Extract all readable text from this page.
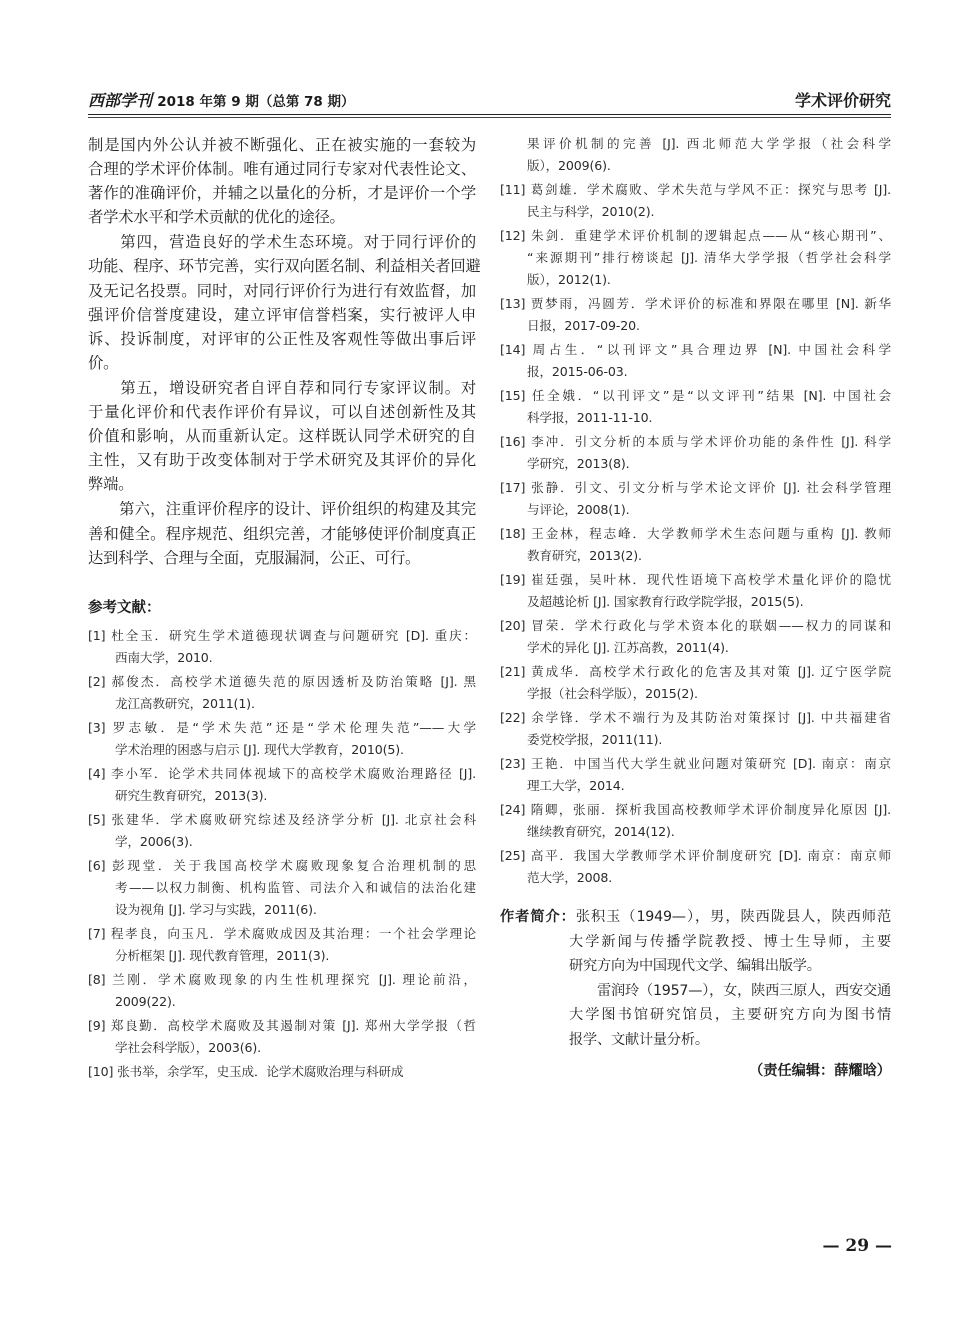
西部学刊 2018 年第 9 期（总第 78 期）	学术评价研究
制是国内外公认并被不断强化、正在被实施的一套较为
合理的学术评价体制。唯有通过同行专家对代表性论文、
著作的准确评价，并辅之以量化的分析，才是评价一个学
者学术水平和学术贡献的优化的途径。
　　第四，营造良好的学术生态环境。对于同行评价的
功能、程序、环节完善，实行双向匿名制、利益相关者回避
及无记名投票。同时，对同行评价行为进行有效监督，加
强评价信誉度建设，建立评审信誉档案，实行被评人申
诉、投诉制度，对评审的公正性及客观性等做出事后评
价。
　　第五，增设研究者自评自荐和同行专家评议制。对
于量化评价和代表作评价有异议，可以自述创新性及其
价值和影响，从而重新认定。这样既认同学术研究的自
主性，又有助于改变体制对于学术研究及其评价的异化
弊端。
　　第六，注重评价程序的设计、评价组织的构建及其完
善和健全。程序规范、组织完善，才能够使评价制度真正
达到科学、合理与全面，克服漏洞，公正、可行。
参考文献：
[1] 杜全玉．研究生学术道德现状调查与问题研究 [D]. 重庆：
西南大学，2010.
[2] 郝俊杰．高校学术道德失范的原因透析及防治策略 [J]. 黑
龙江高教研究，2011(1).
[3] 罗志敏．是“学术失范”还是“学术伦理失范”——大学
学术治理的困惑与启示 [J]. 现代大学教育，2010(5).
[4] 李小军．论学术共同体视域下的高校学术腐败治理路径 [J].
研究生教育研究，2013(3).
[5] 张建华．学术腐败研究综述及经济学分析 [J]. 北京社会科
学，2006(3).
[6] 彭现堂．关于我国高校学术腐败现象复合治理机制的思
考——以权力制衡、机构监管、司法介入和诚信的法治化建
设为视角 [J]. 学习与实践，2011(6).
[7] 程孝良，向玉凡．学术腐败成因及其治理：一个社会学理论
分析框架 [J]. 现代教育管理，2011(3).
[8] 兰刚．学术腐败现象的内生性机理探究 [J]. 理论前沿，
2009(22).
[9] 郑良勤．高校学术腐败及其遏制对策 [J]. 郑州大学学报（哲
学社会科学版），2003(6).
[10] 张书举，余学军，史玉成．论学术腐败治理与科研成
果评价机制的完善 [J]. 西北师范大学学报（社会科学
版），2009(6).
[11] 葛剑雄．学术腐败、学术失范与学风不正：探究与思考 [J].
民主与科学，2010(2).
[12] 朱剑．重建学术评价机制的逻辑起点——从“核心期刊”、
“来源期刊”排行榜谈起 [J]. 清华大学学报（哲学社会科学
版），2012(1).
[13] 贾梦雨，冯圆芳．学术评价的标准和界限在哪里 [N]. 新华
日报，2017-09-20.
[14] 周占生．“以刊评文”具合理边界 [N]. 中国社会科学
报，2015-06-03.
[15] 任全娥．“以刊评文”是“以文评刊”结果 [N]. 中国社会
科学报，2011-11-10.
[16] 李冲．引文分析的本质与学术评价功能的条件性 [J]. 科学
学研究，2013(8).
[17] 张静．引文、引文分析与学术论文评价 [J]. 社会科学管理
与评论，2008(1).
[18] 王金林，程志峰．大学教师学术生态问题与重构 [J]. 教师
教育研究，2013(2).
[19] 崔廷强，吴叶林．现代性语境下高校学术量化评价的隐忧
及超越论析 [J]. 国家教育行政学院学报，2015(5).
[20] 冒荣．学术行政化与学术资本化的联姻——权力的同谋和
学术的异化 [J]. 江苏高教，2011(4).
[21] 黄成华．高校学术行政化的危害及其对策 [J]. 辽宁医学院
学报（社会科学版），2015(2).
[22] 余学锋．学术不端行为及其防治对策探讨 [J]. 中共福建省
委党校学报，2011(11).
[23] 王艳．中国当代大学生就业问题对策研究 [D]. 南京：南京
理工大学，2014.
[24] 隋卿，张丽．探析我国高校教师学术评价制度异化原因 [J].
继续教育研究，2014(12).
[25] 高平．我国大学教师学术评价制度研究 [D]. 南京：南京师
范大学，2008.
作者简介：张积玉（1949—），男，陕西陇县人，陕西师范
大学新闻与传播学院教授、博士生导师，主要
研究方向为中国现代文学、编辑出版学。
　　雷润玲（1957—），女，陕西三原人，西安交通
大学图书馆研究馆员，主要研究方向为图书情
报学、文献计量分析。
（责任编辑：薛耀晗）
— 29 —
